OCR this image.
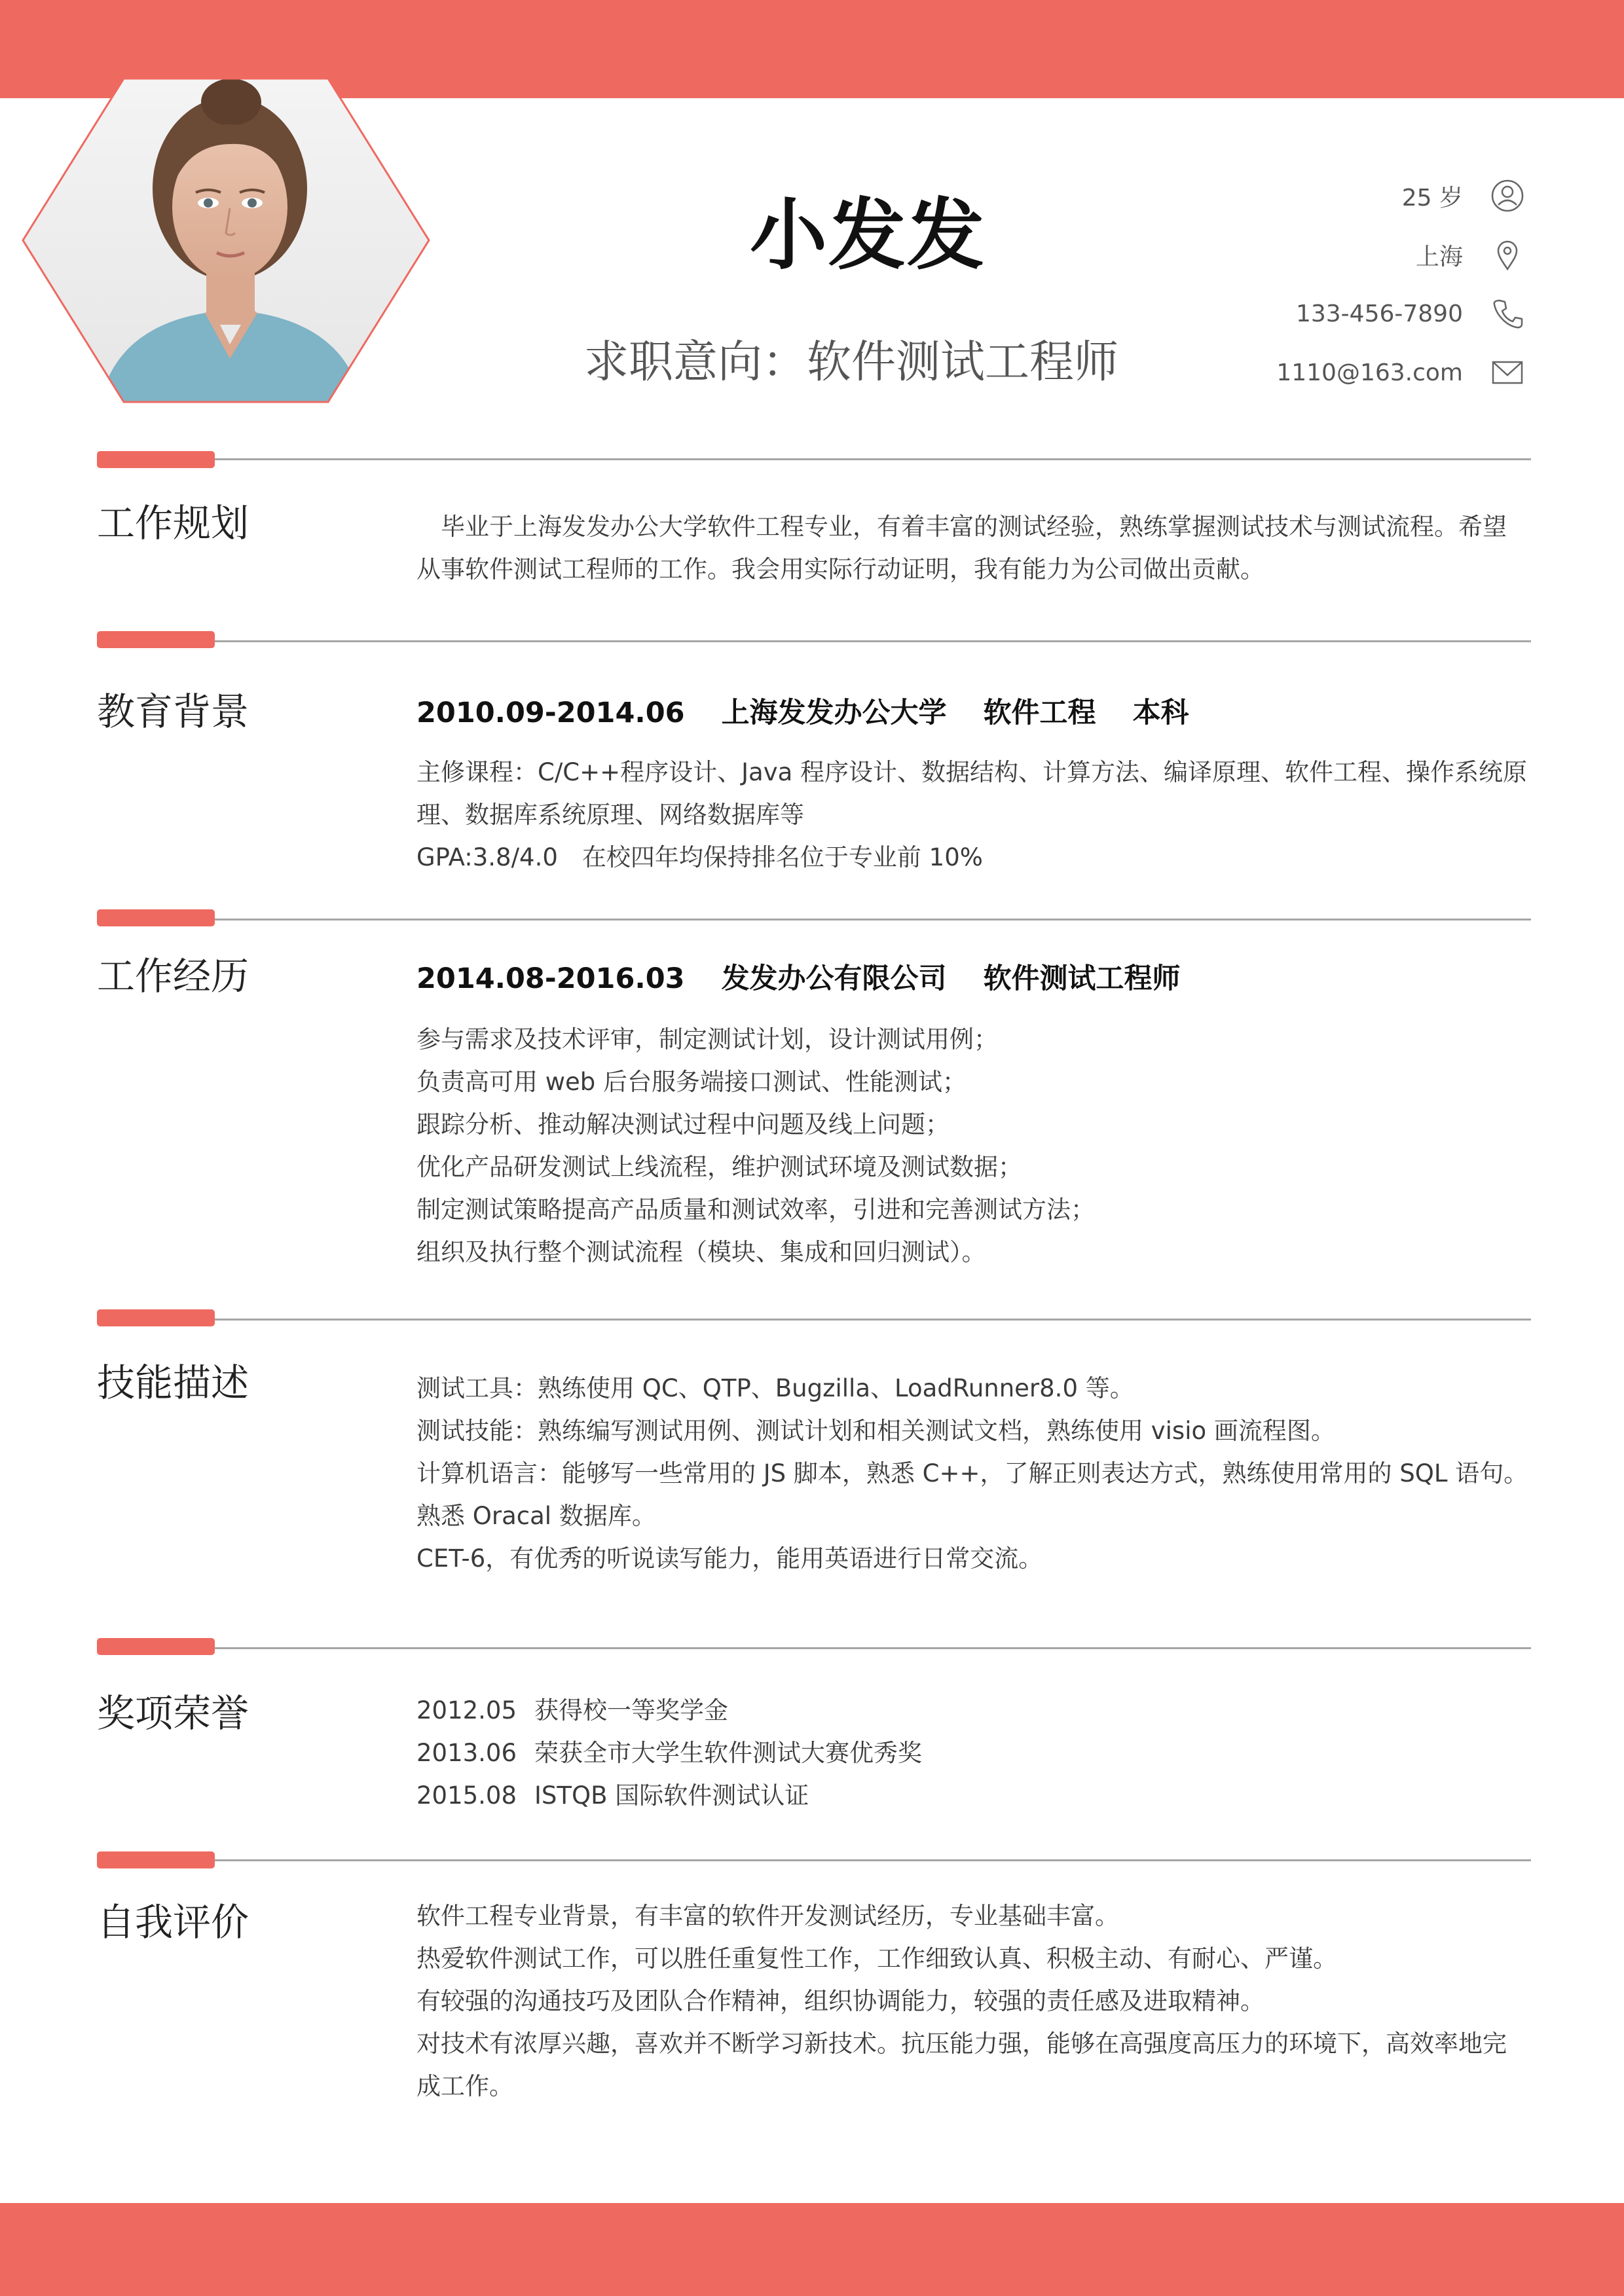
小发发
求职意向：软件测试工程师
25 岁
上海
133-456-7890
1110@163.com
工作规划	毕业于上海发发办公大学软件工程专业，有着丰富的测试经验，熟练掌握测试技术与测试流程。希望从事软件测试工程师的工作。我会用实际行动证明，我有能力为公司做出贡献。

教育背景	2010.09-2014.06 上海发发办公大学 软件工程 本科

主修课程：C/C++程序设计、Java 程序设计、数据结构、计算方法、编译原理、软件工程、操作系统原理、数据库系统原理、网络数据库等

GPA:3.8/4.0　在校四年均保持排名位于专业前 10%

工作经历	2014.08-2016.03 发发办公有限公司 软件测试工程师

参与需求及技术评审，制定测试计划，设计测试用例；

负责高可用 web 后台服务端接口测试、性能测试；

跟踪分析、推动解决测试过程中问题及线上问题；

优化产品研发测试上线流程，维护测试环境及测试数据；

制定测试策略提高产品质量和测试效率，引进和完善测试方法；

组织及执行整个测试流程（模块、集成和回归测试）。

技能描述	测试工具：熟练使用 QC、QTP、Bugzilla、LoadRunner8.0 等。

测试技能：熟练编写测试用例、测试计划和相关测试文档，熟练使用 visio 画流程图。

计算机语言：能够写一些常用的 JS 脚本，熟悉 C++，了解正则表达方式，熟练使用常用的 SQL 语句。

熟悉 Oracal 数据库。

CET-6，有优秀的听说读写能力，能用英语进行日常交流。

奖项荣誉	2012.05 获得校一等奖学金

2013.06 荣获全市大学生软件测试大赛优秀奖

2015.08 ISTQB 国际软件测试认证

自我评价	软件工程专业背景，有丰富的软件开发测试经历，专业基础丰富。

热爱软件测试工作，可以胜任重复性工作，工作细致认真、积极主动、有耐心、严谨。

有较强的沟通技巧及团队合作精神，组织协调能力，较强的责任感及进取精神。

对技术有浓厚兴趣，喜欢并不断学习新技术。抗压能力强，能够在高强度高压力的环境下，高效率地完成工作。
